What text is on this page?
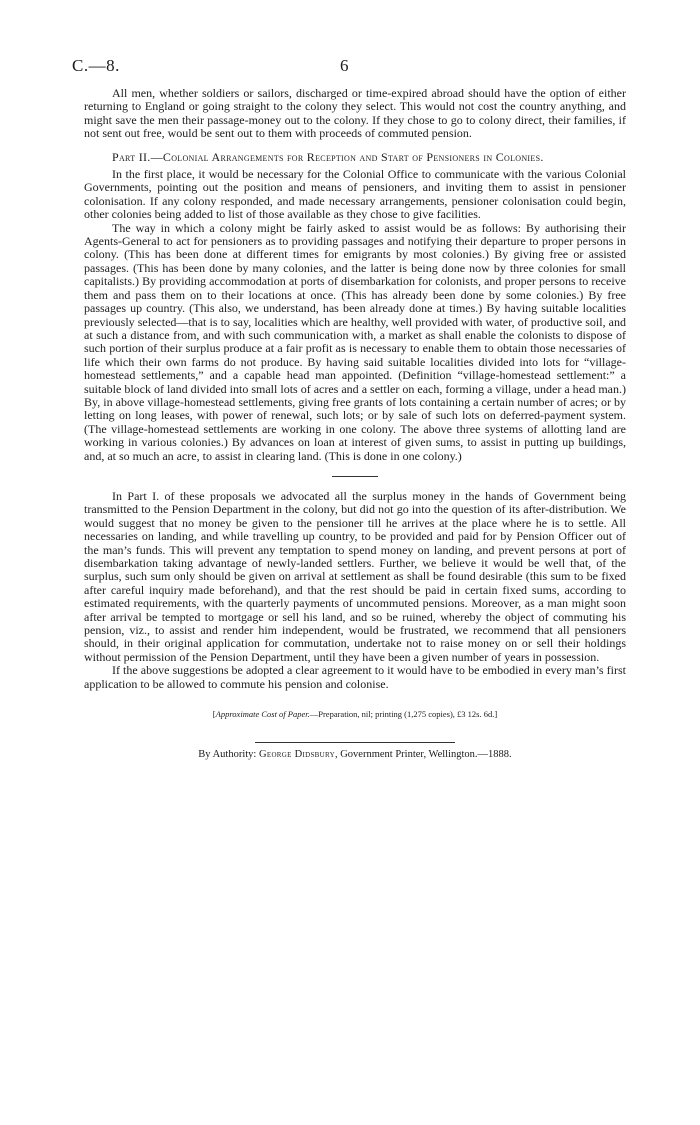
C.—8.	6

All men, whether soldiers or sailors, discharged or time-expired abroad should have the option of either returning to England or going straight to the colony they select. This would not cost the country anything, and might save the men their passage-money out to the colony. If they chose to go to colony direct, their families, if not sent out free, would be sent out to them with proceeds of commuted pension.

Part II.—Colonial Arrangements for Reception and Start of Pensioners in Colonies.

In the first place, it would be necessary for the Colonial Office to communicate with the various Colonial Governments, pointing out the position and means of pensioners, and inviting them to assist in pensioner colonisation. If any colony responded, and made necessary arrangements, pensioner colonisation could begin, other colonies being added to list of those available as they chose to give facilities.

The way in which a colony might be fairly asked to assist would be as follows: By authorising their Agents-General to act for pensioners as to providing passages and notifying their departure to proper persons in colony. (This has been done at different times for emigrants by most colonies.) By giving free or assisted passages. (This has been done by many colonies, and the latter is being done now by three colonies for small capitalists.) By providing accommodation at ports of disembarkation for colonists, and proper persons to receive them and pass them on to their locations at once. (This has already been done by some colonies.) By free passages up country. (This also, we understand, has been already done at times.) By having suitable localities previously selected—that is to say, localities which are healthy, well provided with water, of productive soil, and at such a distance from, and with such communication with, a market as shall enable the colonists to dispose of such portion of their surplus produce at a fair profit as is necessary to enable them to obtain those necessaries of life which their own farms do not produce. By having said suitable localities divided into lots for “village-homestead settlements,” and a capable head man appointed. (Definition “village-homestead settlement:” a suitable block of land divided into small lots of acres and a settler on each, forming a village, under a head man.) By, in above village-homestead settlements, giving free grants of lots containing a certain number of acres; or by letting on long leases, with power of renewal, such lots; or by sale of such lots on deferred-payment system. (The village-homestead settlements are working in one colony. The above three systems of allotting land are working in various colonies.) By advances on loan at interest of given sums, to assist in putting up buildings, and, at so much an acre, to assist in clearing land. (This is done in one colony.)

In Part I. of these proposals we advocated all the surplus money in the hands of Government being transmitted to the Pension Department in the colony, but did not go into the question of its after-distribution. We would suggest that no money be given to the pensioner till he arrives at the place where he is to settle. All necessaries on landing, and while travelling up country, to be provided and paid for by Pension Officer out of the man’s funds. This will prevent any temptation to spend money on landing, and prevent persons at port of disembarkation taking advantage of newly-landed settlers. Further, we believe it would be well that, of the surplus, such sum only should be given on arrival at settlement as shall be found desirable (this sum to be fixed after careful inquiry made beforehand), and that the rest should be paid in certain fixed sums, according to estimated requirements, with the quarterly payments of uncommuted pensions. Moreover, as a man might soon after arrival be tempted to mortgage or sell his land, and so be ruined, whereby the object of commuting his pension, viz., to assist and render him independent, would be frustrated, we recommend that all pensioners should, in their original application for commutation, undertake not to raise money on or sell their holdings without permission of the Pension Department, until they have been a given number of years in possession.

If the above suggestions be adopted a clear agreement to it would have to be embodied in every man’s first application to be allowed to commute his pension and colonise.

[Approximate Cost of Paper.—Preparation, nil; printing (1,275 copies), £3 12s. 6d.]
By Authority: George Didsbury, Government Printer, Wellington.—1888.
